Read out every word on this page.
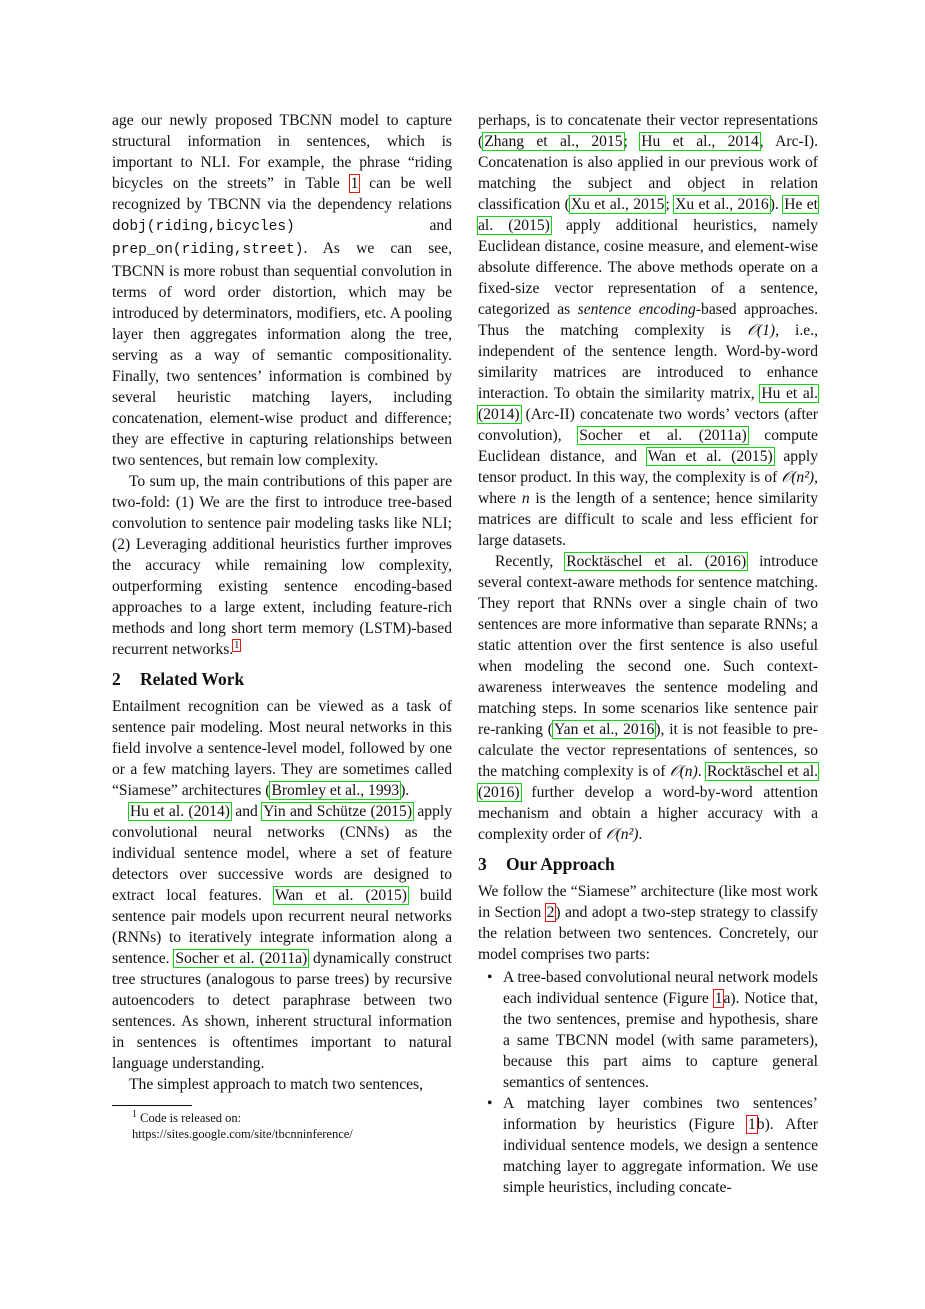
age our newly proposed TBCNN model to capture structural information in sentences, which is important to NLI. For example, the phrase “riding bicycles on the streets” in Table 1 can be well recognized by TBCNN via the dependency relations dobj(riding,bicycles) and prep_on(riding,street). As we can see, TBCNN is more robust than sequential convolution in terms of word order distortion, which may be introduced by determinators, modifiers, etc. A pooling layer then aggregates information along the tree, serving as a way of semantic compositionality. Finally, two sentences’ information is combined by several heuristic matching layers, including concatenation, element-wise product and difference; they are effective in capturing relationships between two sentences, but remain low complexity.

To sum up, the main contributions of this paper are two-fold: (1) We are the first to introduce tree-based convolution to sentence pair modeling tasks like NLI; (2) Leveraging additional heuristics further improves the accuracy while remaining low complexity, outperforming existing sentence encoding-based approaches to a large extent, including feature-rich methods and long short term memory (LSTM)-based recurrent networks.$^1$

2 Related Work

Entailment recognition can be viewed as a task of sentence pair modeling. Most neural networks in this field involve a sentence-level model, followed by one or a few matching layers. They are sometimes called “Siamese” architectures (Bromley et al., 1993).

Hu et al. (2014) and Yin and Schütze (2015) apply convolutional neural networks (CNNs) as the individual sentence model, where a set of feature detectors over successive words are designed to extract local features. Wan et al. (2015) build sentence pair models upon recurrent neural networks (RNNs) to iteratively integrate information along a sentence. Socher et al. (2011a) dynamically construct tree structures (analogous to parse trees) by recursive autoencoders to detect paraphrase between two sentences. As shown, inherent structural information in sentences is oftentimes important to natural language understanding.

The simplest approach to match two sentences,

$^1$ Code is released on:
https://sites.google.com/site/tbcnninference/

perhaps, is to concatenate their vector representations (Zhang et al., 2015; Hu et al., 2014, Arc-I). Concatenation is also applied in our previous work of matching the subject and object in relation classification (Xu et al., 2015; Xu et al., 2016). He et al. (2015) apply additional heuristics, namely Euclidean distance, cosine measure, and element-wise absolute difference. The above methods operate on a fixed-size vector representation of a sentence, categorized as sentence encoding-based approaches. Thus the matching complexity is 𝒪(1), i.e., independent of the sentence length. Word-by-word similarity matrices are introduced to enhance interaction. To obtain the similarity matrix, Hu et al. (2014) (Arc-II) concatenate two words’ vectors (after convolution), Socher et al. (2011a) compute Euclidean distance, and Wan et al. (2015) apply tensor product. In this way, the complexity is of 𝒪(n²), where n is the length of a sentence; hence similarity matrices are difficult to scale and less efficient for large datasets.

Recently, Rocktäschel et al. (2016) introduce several context-aware methods for sentence matching. They report that RNNs over a single chain of two sentences are more informative than separate RNNs; a static attention over the first sentence is also useful when modeling the second one. Such context-awareness interweaves the sentence modeling and matching steps. In some scenarios like sentence pair re-ranking (Yan et al., 2016), it is not feasible to pre-calculate the vector representations of sentences, so the matching complexity is of 𝒪(n). Rocktäschel et al. (2016) further develop a word-by-word attention mechanism and obtain a higher accuracy with a complexity order of 𝒪(n²).

3 Our Approach

We follow the “Siamese” architecture (like most work in Section 2) and adopt a two-step strategy to classify the relation between two sentences. Concretely, our model comprises two parts:

• A tree-based convolutional neural network models each individual sentence (Figure 1a). Notice that, the two sentences, premise and hypothesis, share a same TBCNN model (with same parameters), because this part aims to capture general semantics of sentences.
• A matching layer combines two sentences’ information by heuristics (Figure 1b). After individual sentence models, we design a sentence matching layer to aggregate information. We use simple heuristics, including concate-
